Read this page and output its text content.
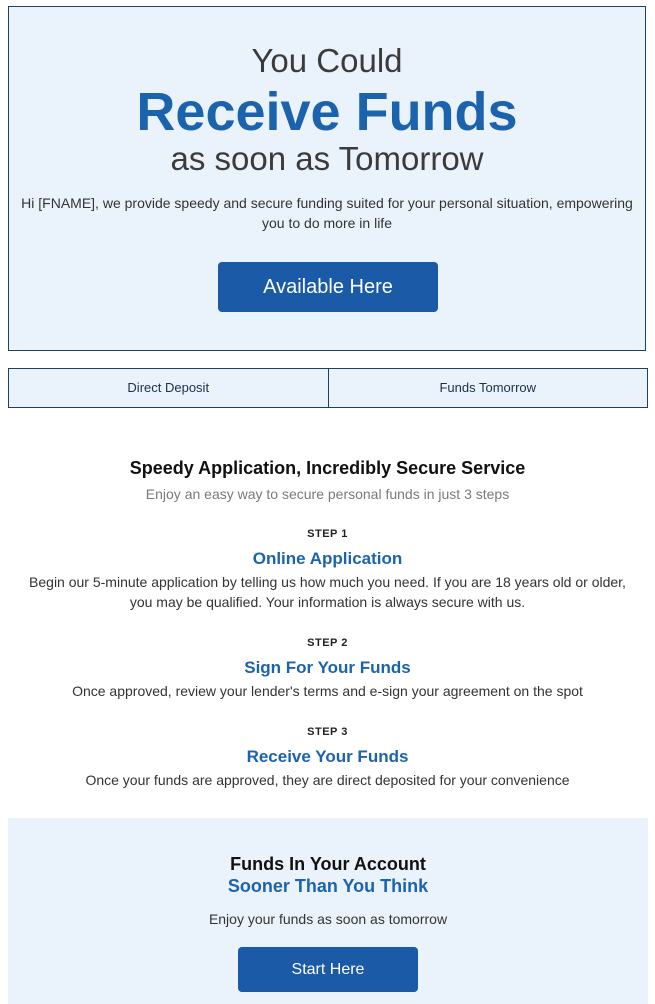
You Could
Receive Funds
as soon as Tomorrow
Hi [FNAME], we provide speedy and secure funding suited for your personal situation, empowering you to do more in life
Available Here
Direct Deposit	Funds Tomorrow
Speedy Application, Incredibly Secure Service
Enjoy an easy way to secure personal funds in just 3 steps
STEP 1
Online Application
Begin our 5-minute application by telling us how much you need. If you are 18 years old or older, you may be qualified. Your information is always secure with us.
STEP 2
Sign For Your Funds
Once approved, review your lender's terms and e-sign your agreement on the spot
STEP 3
Receive Your Funds
Once your funds are approved, they are direct deposited for your convenience
Funds In Your Account
Sooner Than You Think
Enjoy your funds as soon as tomorrow
Start Here
